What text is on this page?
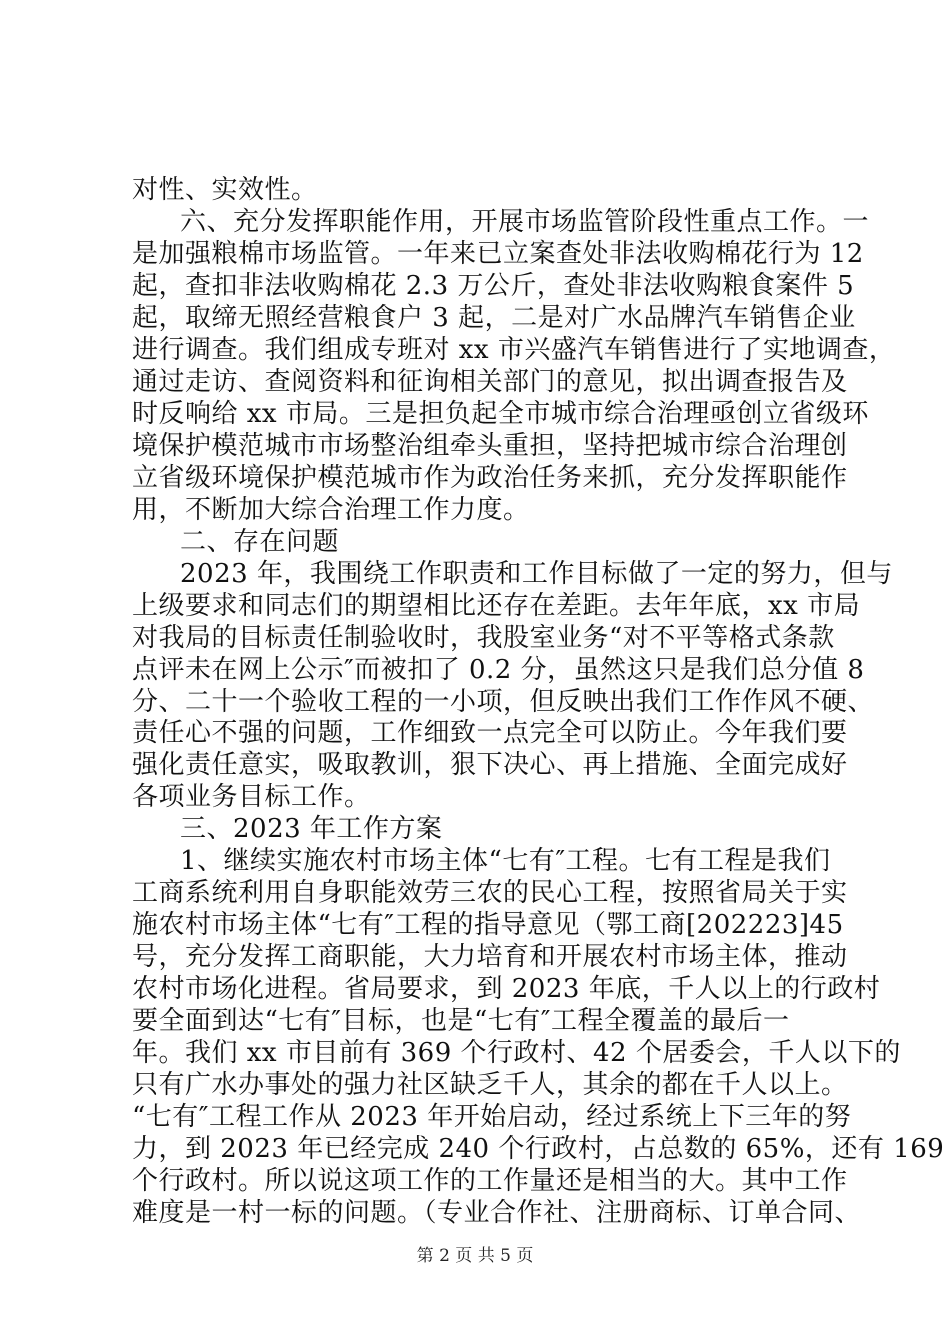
对性、实效性。
六、充分发挥职能作用，开展市场监管阶段性重点工作。一
是加强粮棉市场监管。一年来已立案查处非法收购棉花行为 12
起，查扣非法收购棉花 2.3 万公斤，查处非法收购粮食案件 5
起，取缔无照经营粮食户 3 起，二是对广水品牌汽车销售企业
进行调查。我们组成专班对 xx 市兴盛汽车销售进行了实地调查，
通过走访、查阅资料和征询相关部门的意见，拟出调查报告及
时反响给 xx 市局。三是担负起全市城市综合治理亟创立省级环
境保护模范城市市场整治组牵头重担，坚持把城市综合治理创
立省级环境保护模范城市作为政治任务来抓，充分发挥职能作
用，不断加大综合治理工作力度。
二、存在问题
2023 年，我围绕工作职责和工作目标做了一定的努力，但与
上级要求和同志们的期望相比还存在差距。去年年底，xx 市局
对我局的目标责任制验收时，我股室业务“对不平等格式条款
点评未在网上公示″而被扣了 0.2 分，虽然这只是我们总分值 8
分、二十一个验收工程的一小项，但反映出我们工作作风不硬、
责任心不强的问题，工作细致一点完全可以防止。今年我们要
强化责任意实，吸取教训，狠下决心、再上措施、全面完成好
各项业务目标工作。
三、2023 年工作方案
1、继续实施农村市场主体“七有″工程。七有工程是我们
工商系统利用自身职能效劳三农的民心工程，按照省局关于实
施农村市场主体“七有″工程的指导意见（鄂工商[202223]45
号，充分发挥工商职能，大力培育和开展农村市场主体，推动
农村市场化进程。省局要求，到 2023 年底，千人以上的行政村
要全面到达“七有″目标，也是“七有″工程全覆盖的最后一
年。我们 xx 市目前有 369 个行政村、42 个居委会，千人以下的
只有广水办事处的强力社区缺乏千人，其余的都在千人以上。
“七有″工程工作从 2023 年开始启动，经过系统上下三年的努
力，到 2023 年已经完成 240 个行政村，占总数的 65%，还有 169
个行政村。所以说这项工作的工作量还是相当的大。其中工作
难度是一村一标的问题。（专业合作社、注册商标、订单合同、
第 2 页 共 5 页
